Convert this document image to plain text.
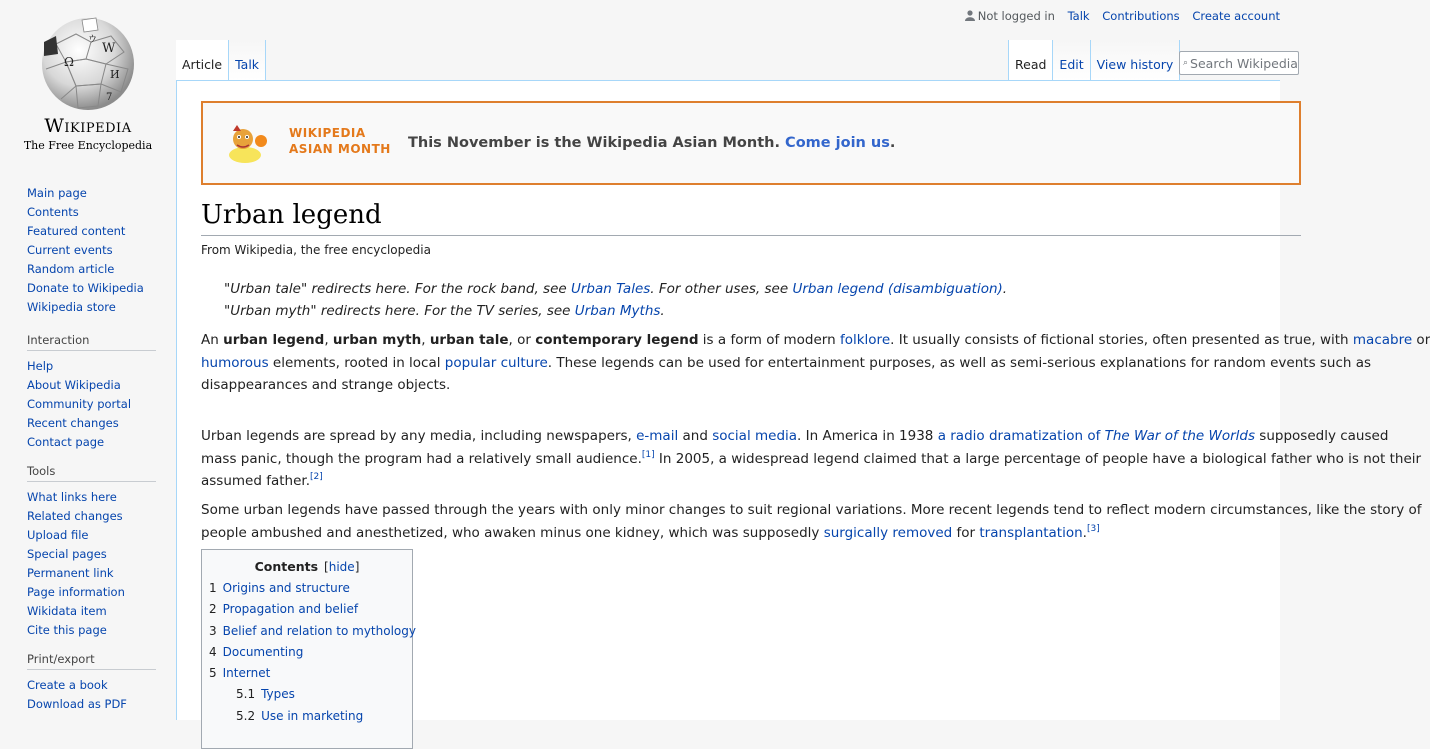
W
Ω
И
ウ
7
Wikipedia
The Free Encyclopedia
Not logged in Talk Contributions Create account
Article Talk	Read Edit View history ⌕
Search Wikipedia
Main page
Contents
Featured content
Current events
Random article
Donate to Wikipedia
Wikipedia store
Interaction
Help
About Wikipedia
Community portal
Recent changes
Contact page
Tools
What links here
Related changes
Upload file
Special pages
Permanent link
Page information
Wikidata item
Cite this page
Print/export
Create a book
Download as PDF
WIKIPEDIA
ASIAN MONTH This November is the Wikipedia Asian Month. Come join us.
Urban legend
From Wikipedia, the free encyclopedia
"Urban tale" redirects here. For the rock band, see Urban Tales. For other uses, see Urban legend (disambiguation).
"Urban myth" redirects here. For the TV series, see Urban Myths.
An urban legend, urban myth, urban tale, or contemporary legend is a form of modern folklore. It usually consists of fictional stories, often presented as true, with macabre or
humorous elements, rooted in local popular culture. These legends can be used for entertainment purposes, as well as semi-serious explanations for random events such as
disappearances and strange objects.
Urban legends are spread by any media, including newspapers, e-mail and social media. In America in 1938 a radio dramatization of The War of the Worlds supposedly caused
mass panic, though the program had a relatively small audience.[1] In 2005, a widespread legend claimed that a large percentage of people have a biological father who is not their
assumed father.[2]
Some urban legends have passed through the years with only minor changes to suit regional variations. More recent legends tend to reflect modern circumstances, like the story of
people ambushed and anesthetized, who awaken minus one kidney, which was supposedly surgically removed for transplantation.[3]
Contents [hide]
1 Origins and structure
2 Propagation and belief
3 Belief and relation to mythology
4 Documenting
5 Internet
5.1 Types
5.2 Use in marketing
